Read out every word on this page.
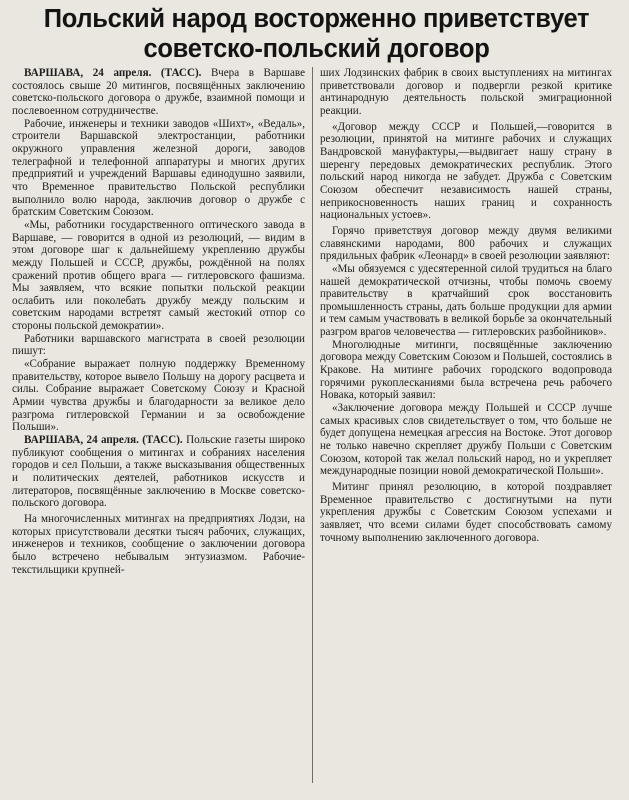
Польский народ восторженно приветствует
советско-польский договор

ВАРШАВА, 24 апреля. (ТАСС). Вчера в Варшаве состоялось свыше 20 митингов, посвящённых заключению советско-польского договора о дружбе, взаимной помощи и послевоенном сотрудничестве.

Рабочие, инженеры и техники заводов «Шихт», «Ведаль», строители Варшавской электростанции, работники окружного управления железной дороги, заводов телеграфной и телефонной аппаратуры и многих других предприятий и учреждений Варшавы единодушно заявили, что Временное правительство Польской республики выполнило волю народа, заключив договор о дружбе с братским Советским Союзом.

«Мы, работники государственного оптического завода в Варшаве, — говорится в одной из резолюций, — видим в этом договоре шаг к дальнейшему укреплению дружбы между Польшей и СССР, дружбы, рождённой на полях сражений против общего врага — гитлеровского фашизма. Мы заявляем, что всякие попытки польской реакции ослабить или поколебать дружбу между польским и советским народами встретят самый жестокий отпор со стороны польской демократии».

Работники варшавского магистрата в своей резолюции пишут:

«Собрание выражает полную поддержку Временному правительству, которое вывело Польшу на дорогу расцвета и силы. Собрание выражает Советскому Союзу и Красной Армии чувства дружбы и благодарности за великое дело разгрома гитлеровской Германии и за освобождение Польши».

ВАРШАВА, 24 апреля. (ТАСС). Польские газеты широко публикуют сообщения о митингах и собраниях населения городов и сел Польши, а также высказывания общественных и политических деятелей, работников искусств и литераторов, посвящённые заключению в Москве советско-польского договора.

На многочисленных митингах на предприятиях Лодзи, на которых присутствовали десятки тысяч рабочих, служащих, инженеров и техников, сообщение о заключении договора было встречено небывалым энтузиазмом. Рабочие-текстильщики крупней-

ших Лодзинских фабрик в своих выступлениях на митингах приветствовали договор и подвергли резкой критике антинародную деятельность польской эмиграционной реакции.

«Договор между СССР и Польшей,—говорится в резолюции, принятой на митинге рабочих и служащих Вандровской мануфактуры,—выдвигает нашу страну в шеренгу передовых демократических республик. Этого польский народ никогда не забудет. Дружба с Советским Союзом обеспечит независимость нашей страны, неприкосновенность наших границ и сохранность национальных устоев».

Горячо приветствуя договор между двумя великими славянскими народами, 800 рабочих и служащих прядильных фабрик «Леонард» в своей резолюции заявляют:

«Мы обязуемся с удесятеренной силой трудиться на благо нашей демократической отчизны, чтобы помочь своему правительству в кратчайший срок восстановить промышленность страны, дать больше продукции для армии и тем самым участвовать в великой борьбе за окончательный разгром врагов человечества — гитлеровских разбойников».

Многолюдные митинги, посвящённые заключению договора между Советским Союзом и Польшей, состоялись в Кракове. На митинге рабочих городского водопровода горячими рукоплесканиями была встречена речь рабочего Новака, который заявил:

«Заключение договора между Польшей и СССР лучше самых красивых слов свидетельствует о том, что больше не будет допущена немецкая агрессия на Востоке. Этот договор не только навечно скрепляет дружбу Польши с Советским Союзом, которой так желал польский народ, но и укрепляет международные позиции новой демократической Польши».

Митинг принял резолюцию, в которой поздравляет Временное правительство с достигнутыми на пути укрепления дружбы с Советским Союзом успехами и заявляет, что всеми силами будет способствовать самому точному выполнению заключенного договора.
